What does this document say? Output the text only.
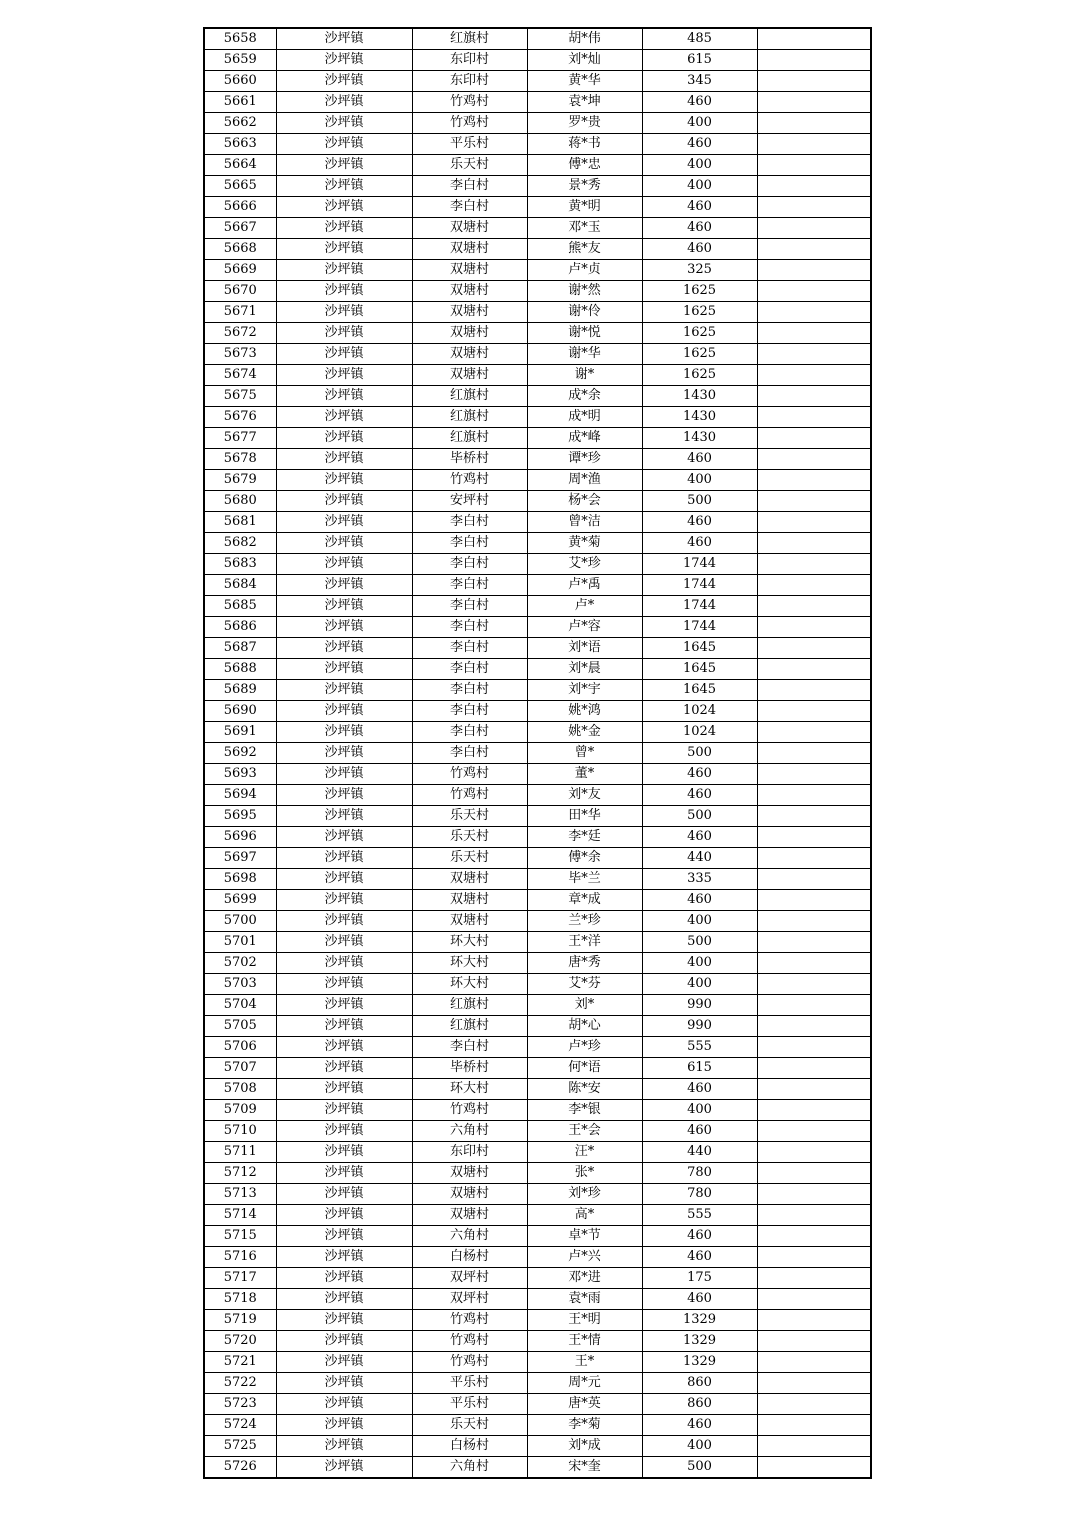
5658	沙坪镇	红旗村	胡*伟	485	
5659	沙坪镇	东印村	刘*灿	615	
5660	沙坪镇	东印村	黄*华	345	
5661	沙坪镇	竹鸡村	袁*坤	460	
5662	沙坪镇	竹鸡村	罗*贵	400	
5663	沙坪镇	平乐村	蒋*书	460	
5664	沙坪镇	乐天村	傅*忠	400	
5665	沙坪镇	李白村	景*秀	400	
5666	沙坪镇	李白村	黄*明	460	
5667	沙坪镇	双塘村	邓*玉	460	
5668	沙坪镇	双塘村	熊*友	460	
5669	沙坪镇	双塘村	卢*贞	325	
5670	沙坪镇	双塘村	谢*然	1625	
5671	沙坪镇	双塘村	谢*伶	1625	
5672	沙坪镇	双塘村	谢*悦	1625	
5673	沙坪镇	双塘村	谢*华	1625	
5674	沙坪镇	双塘村	谢*	1625	
5675	沙坪镇	红旗村	成*余	1430	
5676	沙坪镇	红旗村	成*明	1430	
5677	沙坪镇	红旗村	成*峰	1430	
5678	沙坪镇	毕桥村	谭*珍	460	
5679	沙坪镇	竹鸡村	周*渔	400	
5680	沙坪镇	安坪村	杨*会	500	
5681	沙坪镇	李白村	曾*洁	460	
5682	沙坪镇	李白村	黄*菊	460	
5683	沙坪镇	李白村	艾*珍	1744	
5684	沙坪镇	李白村	卢*禹	1744	
5685	沙坪镇	李白村	卢*	1744	
5686	沙坪镇	李白村	卢*容	1744	
5687	沙坪镇	李白村	刘*语	1645	
5688	沙坪镇	李白村	刘*晨	1645	
5689	沙坪镇	李白村	刘*宇	1645	
5690	沙坪镇	李白村	姚*鸿	1024	
5691	沙坪镇	李白村	姚*金	1024	
5692	沙坪镇	李白村	曾*	500	
5693	沙坪镇	竹鸡村	董*	460	
5694	沙坪镇	竹鸡村	刘*友	460	
5695	沙坪镇	乐天村	田*华	500	
5696	沙坪镇	乐天村	李*廷	460	
5697	沙坪镇	乐天村	傅*余	440	
5698	沙坪镇	双塘村	毕*兰	335	
5699	沙坪镇	双塘村	章*成	460	
5700	沙坪镇	双塘村	兰*珍	400	
5701	沙坪镇	环大村	王*洋	500	
5702	沙坪镇	环大村	唐*秀	400	
5703	沙坪镇	环大村	艾*芬	400	
5704	沙坪镇	红旗村	刘*	990	
5705	沙坪镇	红旗村	胡*心	990	
5706	沙坪镇	李白村	卢*珍	555	
5707	沙坪镇	毕桥村	何*语	615	
5708	沙坪镇	环大村	陈*安	460	
5709	沙坪镇	竹鸡村	李*银	400	
5710	沙坪镇	六角村	王*会	460	
5711	沙坪镇	东印村	汪*	440	
5712	沙坪镇	双塘村	张*	780	
5713	沙坪镇	双塘村	刘*珍	780	
5714	沙坪镇	双塘村	高*	555	
5715	沙坪镇	六角村	卓*节	460	
5716	沙坪镇	白杨村	卢*兴	460	
5717	沙坪镇	双坪村	邓*进	175	
5718	沙坪镇	双坪村	袁*雨	460	
5719	沙坪镇	竹鸡村	王*明	1329	
5720	沙坪镇	竹鸡村	王*情	1329	
5721	沙坪镇	竹鸡村	王*	1329	
5722	沙坪镇	平乐村	周*元	860	
5723	沙坪镇	平乐村	唐*英	860	
5724	沙坪镇	乐天村	李*菊	460	
5725	沙坪镇	白杨村	刘*成	400	
5726	沙坪镇	六角村	宋*奎	500	
